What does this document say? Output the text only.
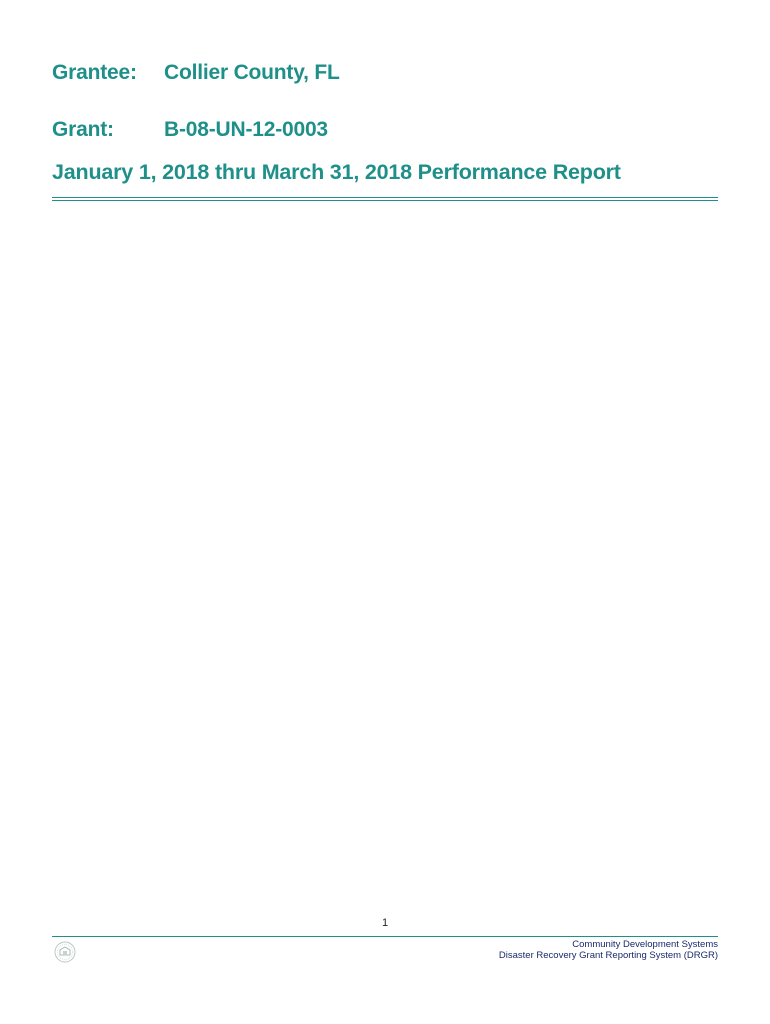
Grantee: Collier County, FL
Grant: B-08-UN-12-0003
January 1, 2018 thru March 31, 2018 Performance Report
1
Community Development Systems
Disaster Recovery Grant Reporting System (DRGR)
